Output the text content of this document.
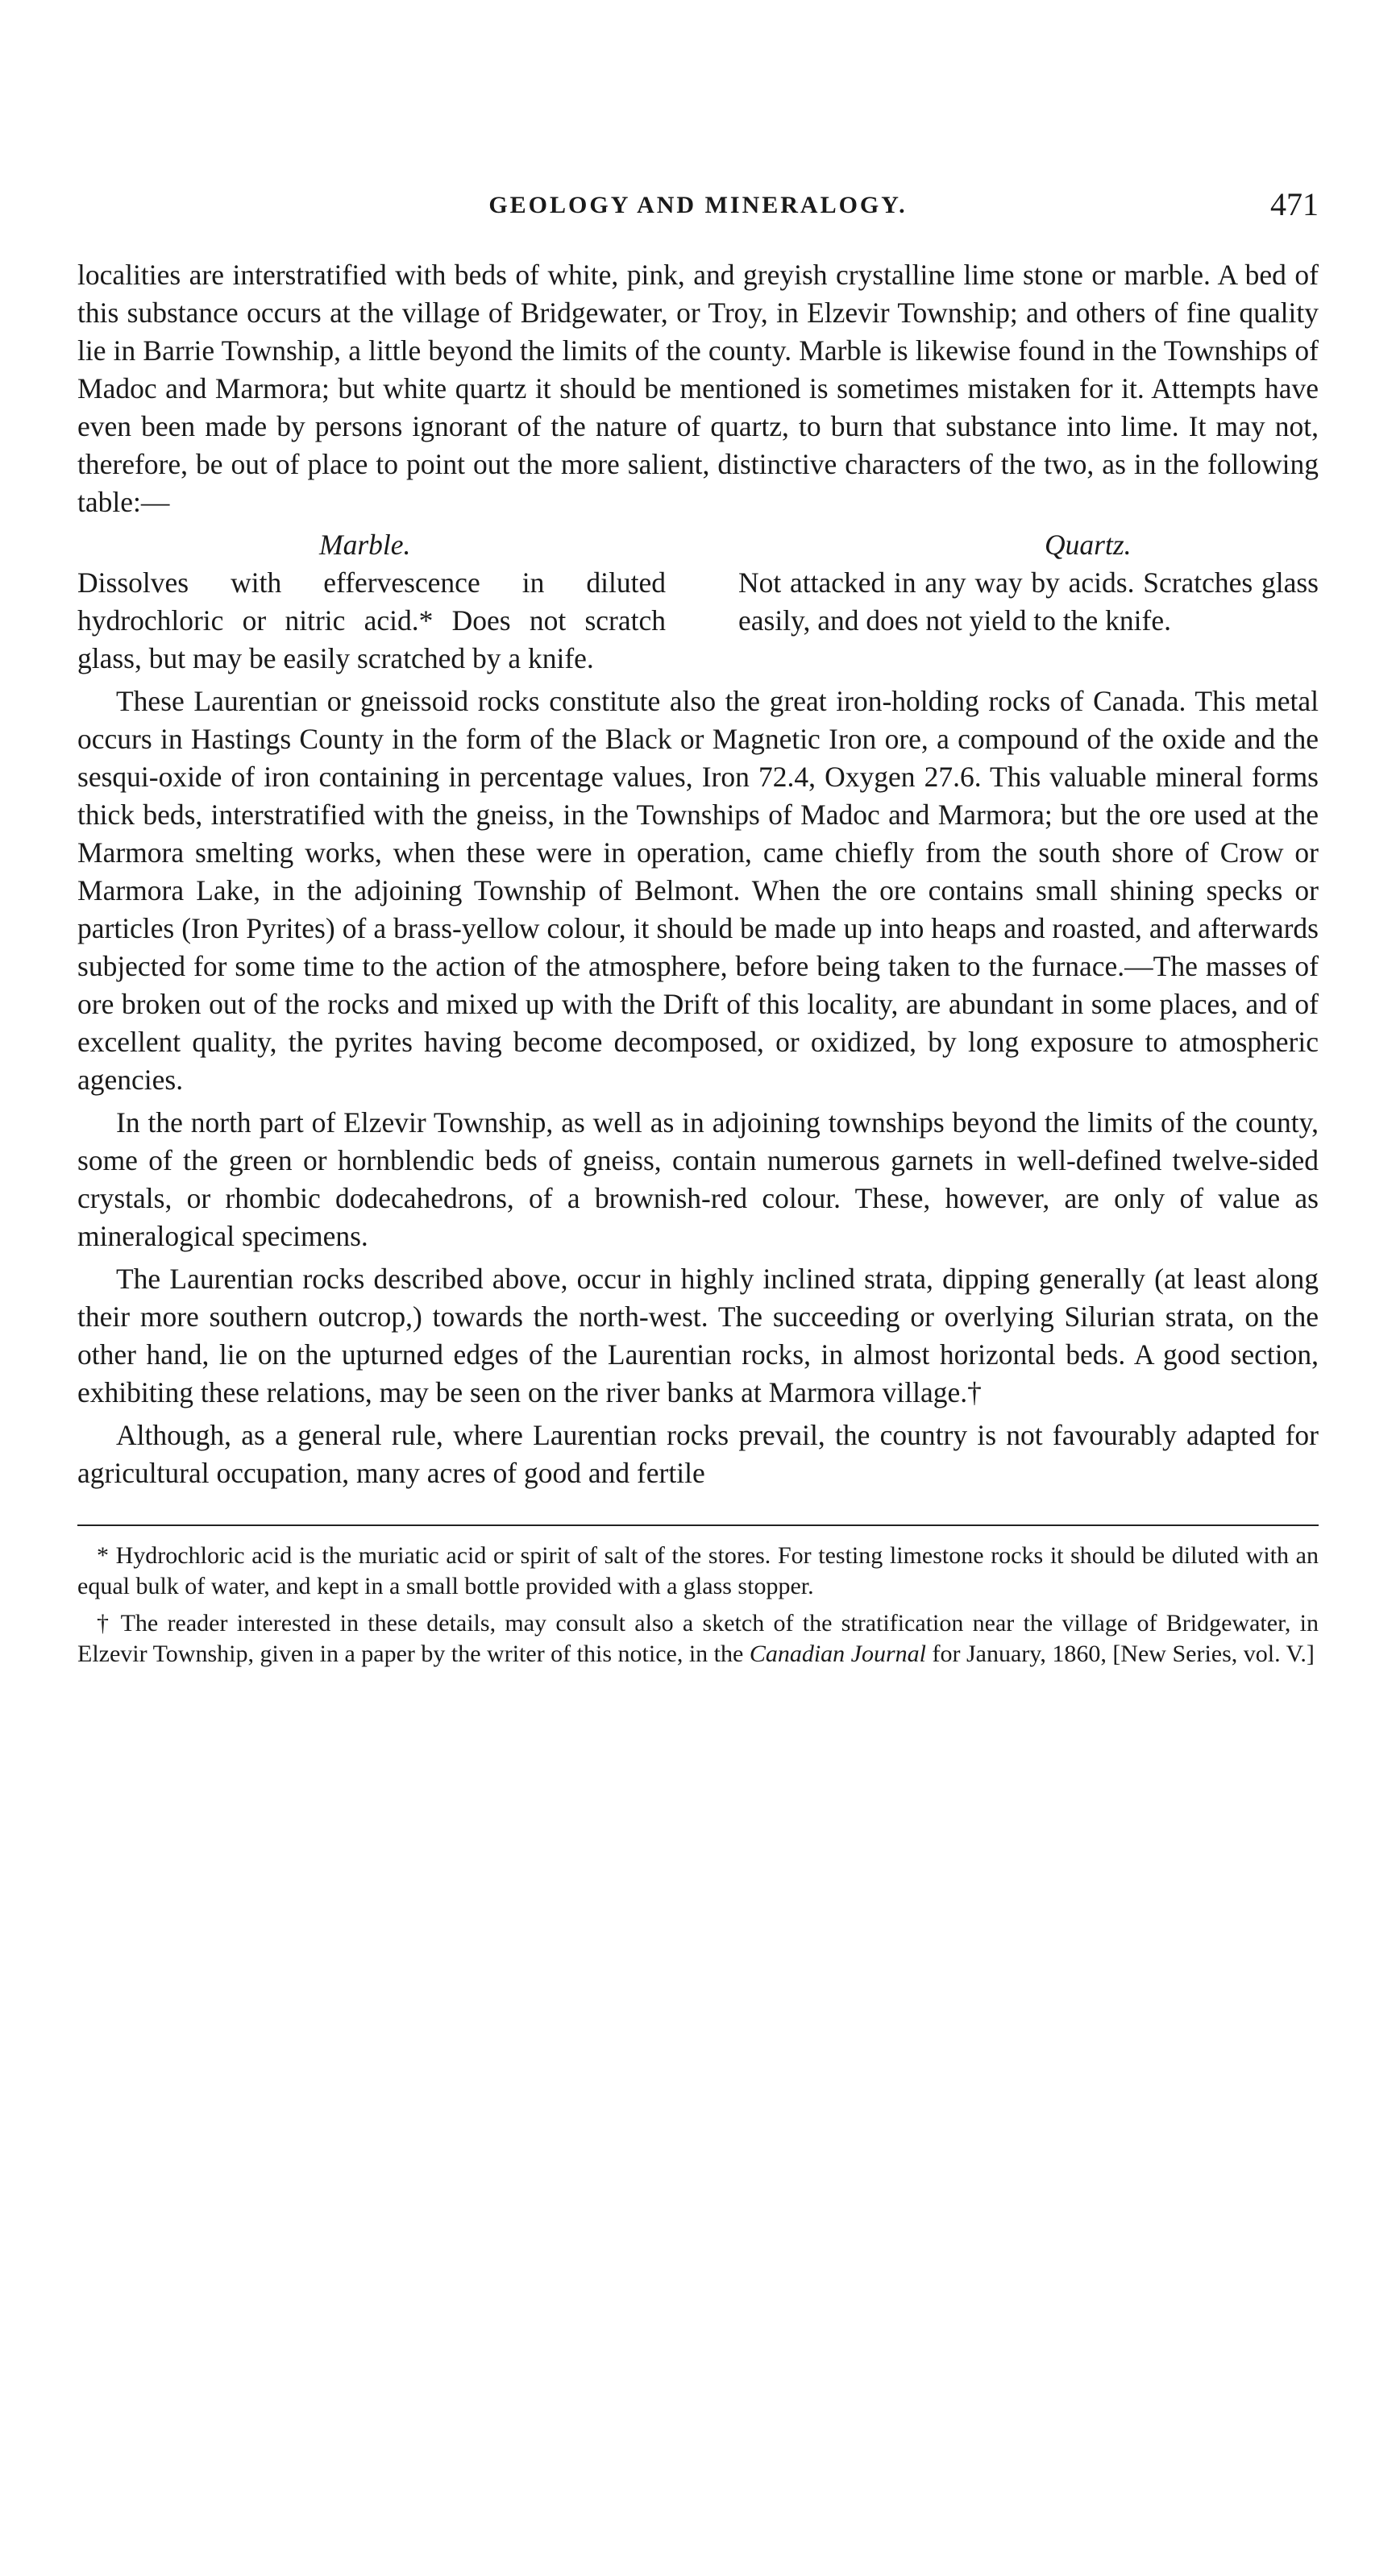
GEOLOGY AND MINERALOGY.	471

localities are interstratified with beds of white, pink, and greyish crystalline lime stone or marble. A bed of this substance occurs at the village of Bridgewater, or Troy, in Elzevir Township; and others of fine quality lie in Barrie Township, a little beyond the limits of the county. Marble is likewise found in the Townships of Madoc and Marmora; but white quartz it should be mentioned is sometimes mistaken for it. Attempts have even been made by persons ignorant of the nature of quartz, to burn that substance into lime. It may not, therefore, be out of place to point out the more salient, distinctive characters of the two, as in the following table:—

Marble.
Dissolves with effervescence in diluted hydrochloric or nitric acid.* Does not scratch glass, but may be easily scratched by a knife.
Quartz.
Not attacked in any way by acids. Scratches glass easily, and does not yield to the knife.

These Laurentian or gneissoid rocks constitute also the great iron-holding rocks of Canada. This metal occurs in Hastings County in the form of the Black or Magnetic Iron ore, a compound of the oxide and the sesqui-oxide of iron containing in percentage values, Iron 72.4, Oxygen 27.6. This valuable mineral forms thick beds, interstratified with the gneiss, in the Townships of Madoc and Marmora; but the ore used at the Marmora smelting works, when these were in operation, came chiefly from the south shore of Crow or Marmora Lake, in the adjoining Township of Belmont. When the ore contains small shining specks or particles (Iron Pyrites) of a brass-yellow colour, it should be made up into heaps and roasted, and afterwards subjected for some time to the action of the atmosphere, before being taken to the furnace.—The masses of ore broken out of the rocks and mixed up with the Drift of this locality, are abundant in some places, and of excellent quality, the pyrites having become decomposed, or oxidized, by long exposure to atmospheric agencies.

In the north part of Elzevir Township, as well as in adjoining townships beyond the limits of the county, some of the green or hornblendic beds of gneiss, contain numerous garnets in well-defined twelve-sided crystals, or rhombic dodecahedrons, of a brownish-red colour. These, however, are only of value as mineralogical specimens.

The Laurentian rocks described above, occur in highly inclined strata, dipping generally (at least along their more southern outcrop,) towards the north-west. The succeeding or overlying Silurian strata, on the other hand, lie on the upturned edges of the Laurentian rocks, in almost horizontal beds. A good section, exhibiting these relations, may be seen on the river banks at Marmora village.†

Although, as a general rule, where Laurentian rocks prevail, the country is not favourably adapted for agricultural occupation, many acres of good and fertile

* Hydrochloric acid is the muriatic acid or spirit of salt of the stores. For testing limestone rocks it should be diluted with an equal bulk of water, and kept in a small bottle provided with a glass stopper.

† The reader interested in these details, may consult also a sketch of the stratification near the village of Bridgewater, in Elzevir Township, given in a paper by the writer of this notice, in the Canadian Journal for January, 1860, [New Series, vol. V.]
